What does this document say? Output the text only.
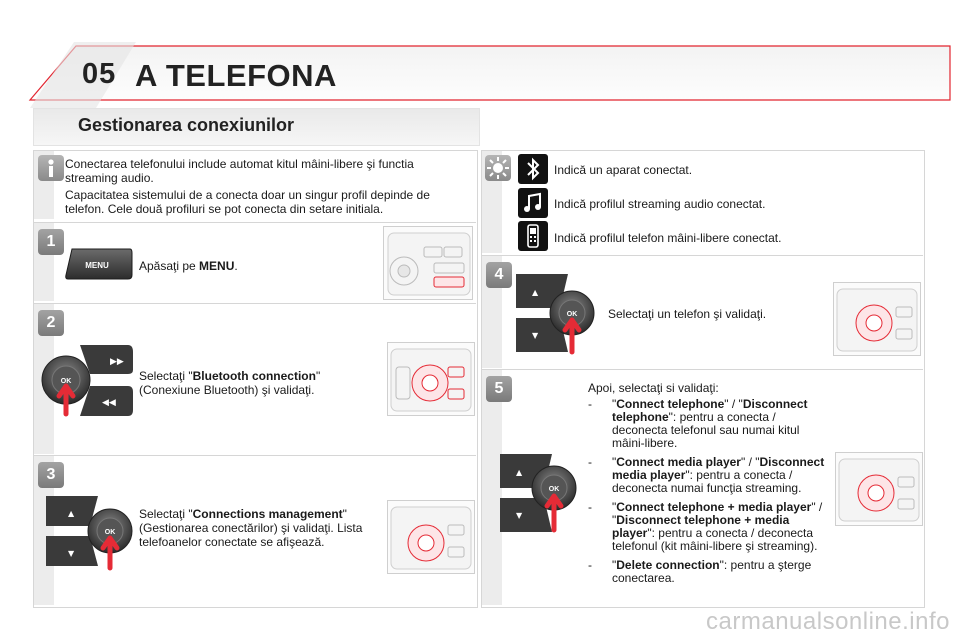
05 A TELEFONA
Gestionarea conexiunilor
Conectarea telefonului include automat kitul mâini-libere şi functia streaming audio.
Capacitatea sistemului de a conecta doar un singur profil depinde de telefon. Cele două profiluri se pot conecta din setare initiala.
1
MENU	Apăsaţi pe MENU.
2
▶▶
◀◀
OK	Selectaţi "Bluetooth connection" (Conexiune Bluetooth) şi validaţi.
3
▲
▼
OK
Selectaţi "Connections management" (Gestionarea conectărilor) şi validaţi. Lista telefoanelor conectate se afişează.
Indică un aparat conectat.
Indică profilul streaming audio conectat.
Indică profilul telefon mâini-libere conectat.
4
▲
▼
OK	Selectaţi un telefon şi validaţi.
5
▲
▼
OK
Apoi, selectaţi si validaţi:
- "Connect telephone" / "Disconnect telephone": pentru a conecta / deconecta telefonul sau numai kitul mâini-libere.
- "Connect media player" / "Disconnect media player": pentru a conecta / deconecta numai funcţia streaming.
- "Connect telephone + media player" / "Disconnect telephone + media player": pentru a conecta / deconecta telefonul (kit mâini-libere şi streaming).
- "Delete connection": pentru a şterge conectarea.
carmanualsonline.info
